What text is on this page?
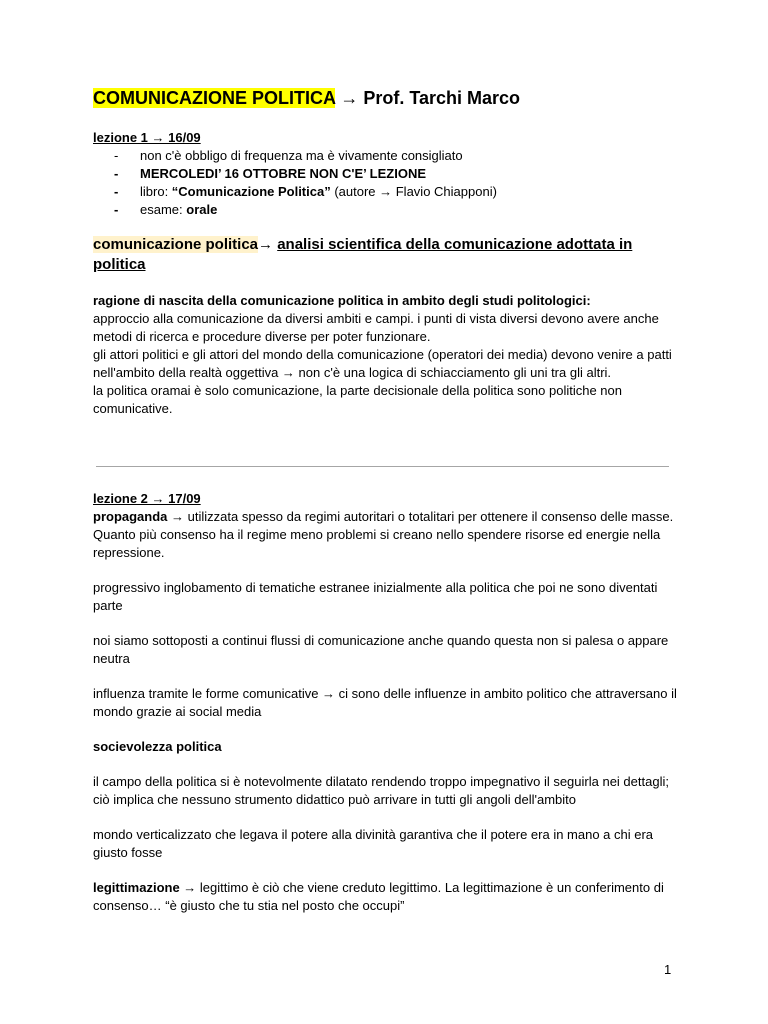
COMUNICAZIONE POLITICA → Prof. Tarchi Marco
lezione 1 → 16/09
- non c'è obbligo di frequenza ma è vivamente consigliato
- MERCOLEDI’ 16 OTTOBRE NON C'E’ LEZIONE
- libro: “Comunicazione Politica” (autore → Flavio Chiapponi)
- esame: orale
comunicazione politica→ analisi scientifica della comunicazione adottata in politica

ragione di nascita della comunicazione politica in ambito degli studi politologici:

approccio alla comunicazione da diversi ambiti e campi. i punti di vista diversi devono avere anche metodi di ricerca e procedure diverse per poter funzionare.

gli attori politici e gli attori del mondo della comunicazione (operatori dei media) devono venire a patti nell'ambito della realtà oggettiva → non c'è una logica di schiacciamento gli uni tra gli altri.

la politica oramai è solo comunicazione, la parte decisionale della politica sono politiche non comunicative.

lezione 2 → 17/09

propaganda → utilizzata spesso da regimi autoritari o totalitari per ottenere il consenso delle masse. Quanto più consenso ha il regime meno problemi si creano nello spendere risorse ed energie nella repressione.

progressivo inglobamento di tematiche estranee inizialmente alla politica che poi ne sono diventati parte

noi siamo sottoposti a continui flussi di comunicazione anche quando questa non si palesa o appare neutra

influenza tramite le forme comunicative → ci sono delle influenze in ambito politico che attraversano il mondo grazie ai social media

socievolezza politica

il campo della politica si è notevolmente dilatato rendendo troppo impegnativo il seguirla nei dettagli; ciò implica che nessuno strumento didattico può arrivare in tutti gli angoli dell'ambito

mondo verticalizzato che legava il potere alla divinità garantiva che il potere era in mano a chi era giusto fosse

legittimazione → legittimo è ciò che viene creduto legittimo. La legittimazione è un conferimento di consenso… “è giusto che tu stia nel posto che occupi”

1
